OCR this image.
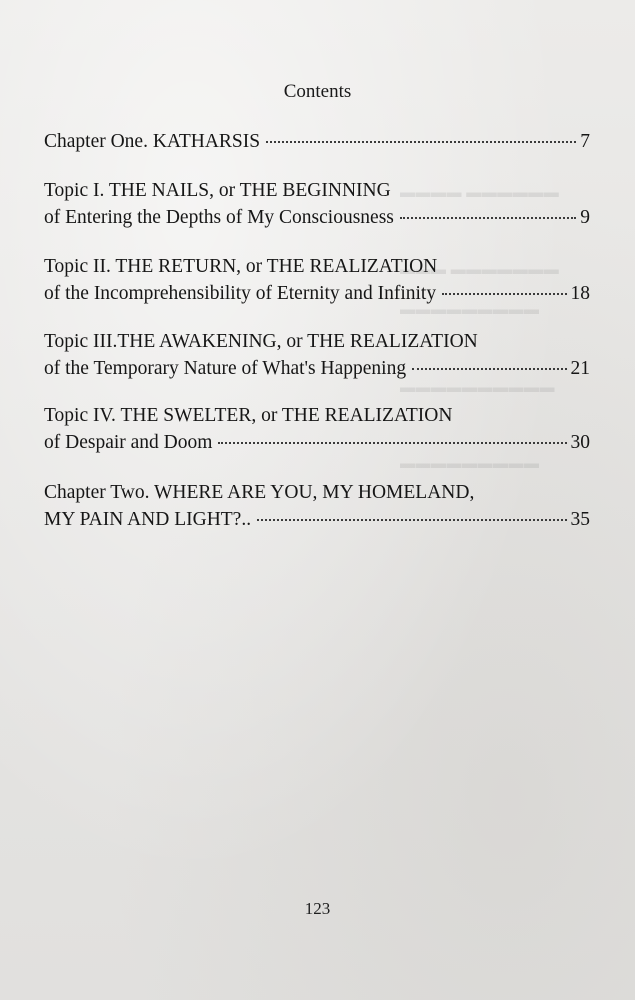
▬▬▬▬ ▬▬▬▬▬▬
▬▬▬ ▬▬▬▬▬▬▬
▬▬▬▬▬▬▬▬▬
▬▬▬▬▬▬▬▬▬▬
▬▬▬▬▬▬▬▬▬
Contents
Chapter One. KATHARSIS	7
Topic I. THE NAILS, or THE BEGINNING
of Entering the Depths of My Consciousness	9
Topic II. THE RETURN, or THE REALIZATION
of the Incomprehensibility of Eternity and Infinity	18
Topic III.THE AWAKENING, or THE REALIZATION
of the Temporary Nature of What's Happening	21
Topic IV. THE SWELTER, or THE REALIZATION
of Despair and Doom	30
Chapter Two. WHERE ARE YOU, MY HOMELAND,
MY PAIN AND LIGHT?..	35
123
